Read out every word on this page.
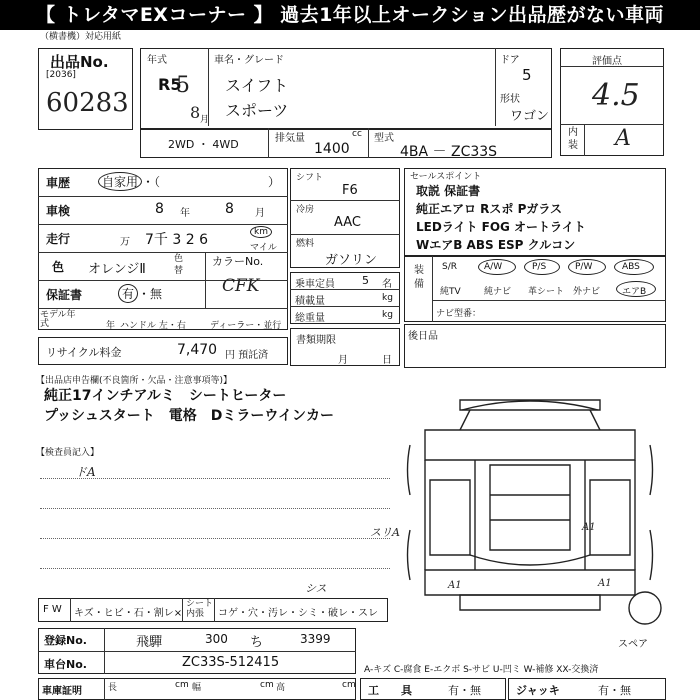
【 トレタマEXコーナー 】 過去1年以上オークション出品歴がない車両
（横書機）対応用紙
出品No.
[2036]
60283
年式
R5
5
8 月
車名・グレード
スイフト
スポーツ
ドア
5
形状
ワゴン
評価点
4.5
内装 A
2WD ・ 4WD	排気量	cc
1400
型式
4BA － ZC33S
車歴	自家用 ・（　　　　　　　　　）
車検	8 年	8 月
走行	万 7千 3 2 6	km
マイル
色 オレンジⅡ
色替
カラーNo.
CFK
保証書	有 ・無
モデル年式	年 ハンドル 左・右	ディーラー・並行
リサイクル料金	7,470 円 預託済
シフト
F6
冷房
AAC
燃料
ガソリン
乗車定員 5 名
積載量	kg
総重量	kg
書類期限
月	日
セールスポイント
取説 保証書
純正エアロ Rスポ Pガラス
LEDライト FOG オートライト
WエアB ABS ESP クルコン
装備
S/R	A/W	P/S	P/W	ABS
純TV	純ナビ 革シート 外ナビ エアB
ナビ型番：
後日品
【出品店申告欄(不良箇所・欠品・注意事項等)】
純正17インチアルミ　シートヒーター
プッシュスタート　電格　Dミラーウインカー
【検査員記入】
ドA
スリA	A1
A1	A1
スペア
F W キズ・ヒビ・石・割レ×
シート内張	コゲ・穴・汚レ・シミ・破レ・スレ
シス
登録No.	飛驒	300 ち	3399
車台No.	ZC33S-512415	A-キズ C-腐食 E-エクボ S-サビ U-凹ミ W-補修 XX-交換済
車庫証明	長	cm 幅	cm 高	cm 工　　具	有・無	ジャッキ	有・無
